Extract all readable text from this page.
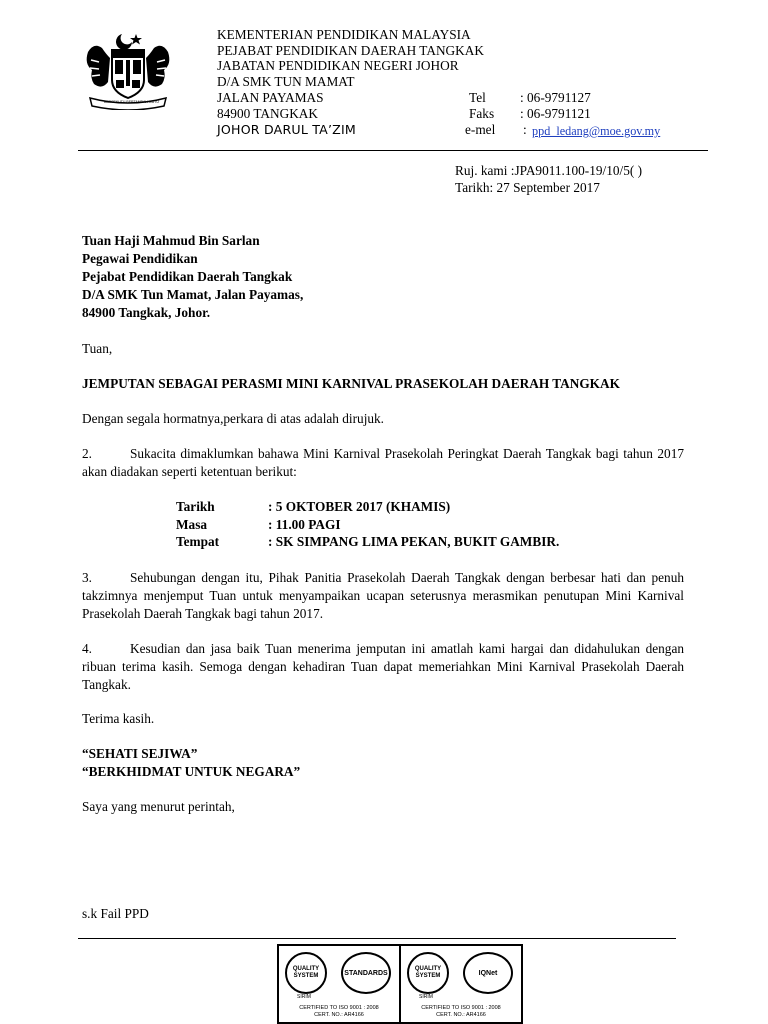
BERSEKUTU BERTAMBAH MUTU
KEMENTERIAN PENDIDIKAN MALAYSIA
PEJABAT PENDIDIKAN DAERAH TANGKAK
JABATAN PENDIDIKAN NEGERI JOHOR
D/A SMK TUN MAMAT
JALAN PAYAMAS
84900 TANGKAK
JOHOR DARUL TA’ZIM
Tel	: 06-9791127
Faks : 06-9791121
e-mel : ppd_ledang@moe.gov.my
Ruj. kami :JPA9011.100-19/10/5( )
Tarikh: 27 September 2017
Tuan Haji Mahmud Bin Sarlan
Pegawai Pendidikan
Pejabat Pendidikan Daerah Tangkak
D/A SMK Tun Mamat, Jalan Payamas,
84900 Tangkak, Johor.
Tuan,
JEMPUTAN SEBAGAI PERASMI MINI KARNIVAL PRASEKOLAH DAERAH TANGKAK
Dengan segala hormatnya,perkara di atas adalah dirujuk.
2.	Sukacita dimaklumkan bahawa Mini Karnival Prasekolah Peringkat Daerah Tangkak bagi tahun 2017 akan diadakan seperti ketentuan berikut:
Tarikh	: 5 OKTOBER 2017 (KHAMIS)
Masa	: 11.00 PAGI
Tempat	: SK SIMPANG LIMA PEKAN, BUKIT GAMBIR.
3.	Sehubungan dengan itu, Pihak Panitia Prasekolah Daerah Tangkak dengan berbesar hati dan penuh takzimnya menjemput Tuan untuk menyampaikan ucapan seterusnya merasmikan penutupan Mini Karnival Prasekolah Daerah Tangkak bagi tahun 2017.
4.	Kesudian dan jasa baik Tuan menerima jemputan ini amatlah kami hargai dan didahulukan dengan ribuan terima kasih. Semoga dengan kehadiran Tuan dapat memeriahkan Mini Karnival Prasekolah Daerah Tangkak.
Terima kasih.
“SEHATI SEJIWA”
“BERKHIDMAT UNTUK NEGARA”
Saya yang menurut perintah,
s.k Fail PPD
QUALITY SYSTEM
SIRIM
STANDARDS
CERTIFIED TO ISO 9001 : 2008
CERT. NO.: AR4166
QUALITY SYSTEM
SIRIM
IQNet
CERTIFIED TO ISO 9001 : 2008
CERT. NO.: AR4166
